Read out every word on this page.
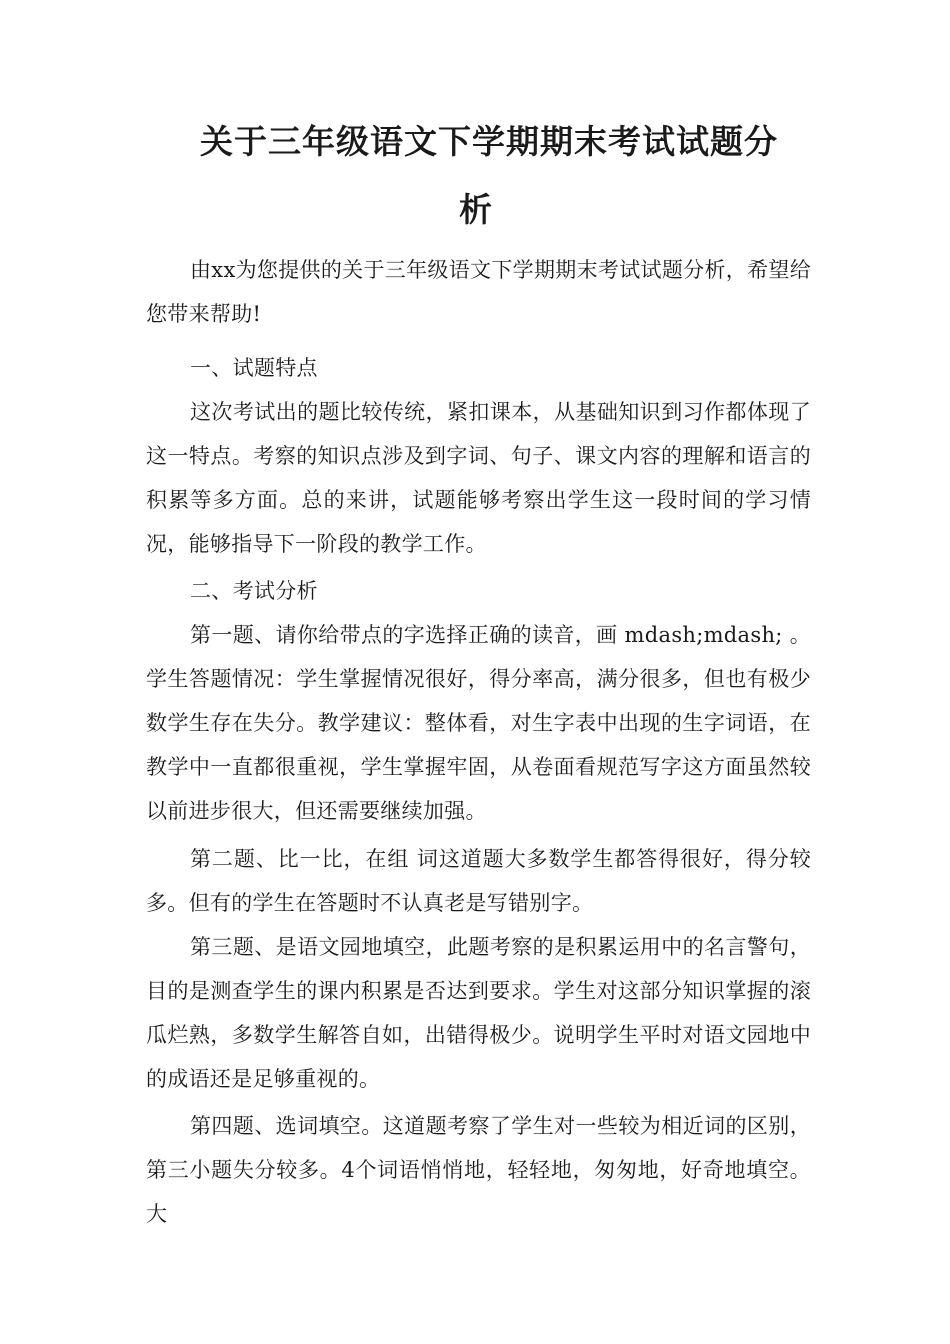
关于三年级语文下学期期末考试试题分
析

由xx为您提供的关于三年级语文下学期期末考试试题分析，希望给您带来帮助!

一、试题特点

这次考试出的题比较传统，紧扣课本，从基础知识到习作都体现了这一特点。考察的知识点涉及到字词、句子、课文内容的理解和语言的积累等多方面。总的来讲，试题能够考察出学生这一段时间的学习情况，能够指导下一阶段的教学工作。

二、考试分析

第一题、请你给带点的字选择正确的读音，画 mdash;mdash; 。学生答题情况：学生掌握情况很好，得分率高，满分很多，但也有极少数学生存在失分。教学建议：整体看，对生字表中出现的生字词语，在教学中一直都很重视，学生掌握牢固，从卷面看规范写字这方面虽然较以前进步很大，但还需要继续加强。

第二题、比一比，在组 词这道题大多数学生都答得很好，得分较多。但有的学生在答题时不认真老是写错别字。

第三题、是语文园地填空，此题考察的是积累运用中的名言警句，目的是测查学生的课内积累是否达到要求。学生对这部分知识掌握的滚瓜烂熟，多数学生解答自如，出错得极少。说明学生平时对语文园地中的成语还是足够重视的。

第四题、选词填空。这道题考察了学生对一些较为相近词的区别，第三小题失分较多。4个词语悄悄地，轻轻地，匆匆地，好奇地填空。大
